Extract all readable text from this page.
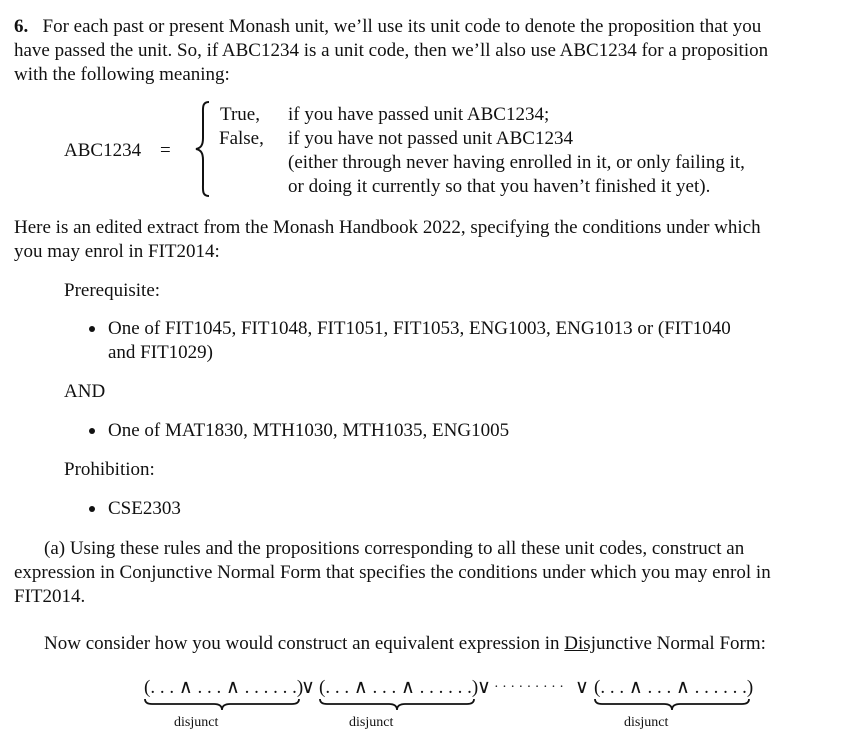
6. For each past or present Monash unit, we’ll use its unit code to denote the proposition that you
have passed the unit. So, if ABC1234 is a unit code, then we’ll also use ABC1234 for a proposition
with the following meaning:
ABC1234 =
True, if you have passed unit ABC1234;
False, if you have not passed unit ABC1234
(either through never having enrolled in it, or only failing it,
or doing it currently so that you haven’t finished it yet).
Here is an edited extract from the Monash Handbook 2022, specifying the conditions under which
you may enrol in FIT2014:
Prerequisite:
One of FIT1045, FIT1048, FIT1051, FIT1053, ENG1003, ENG1013 or (FIT1040
and FIT1029)
AND
One of MAT1830, MTH1030, MTH1035, ENG1005
Prohibition:
CSE2303
(a) Using these rules and the propositions corresponding to all these unit codes, construct an
expression in Conjunctive Normal Form that specifies the conditions under which you may enrol in
FIT2014.
Now consider how you would construct an equivalent expression in Disjunctive Normal Form:
(. . . ∧ . . . ∧ . . . . . .)
∨ (. . . ∧ . . . ∧ . . . . . .)
∨ · · · · · · · · · ∨ (. . . ∧ . . . ∧ . . . . . .)
disjunct	disjunct	disjunct
